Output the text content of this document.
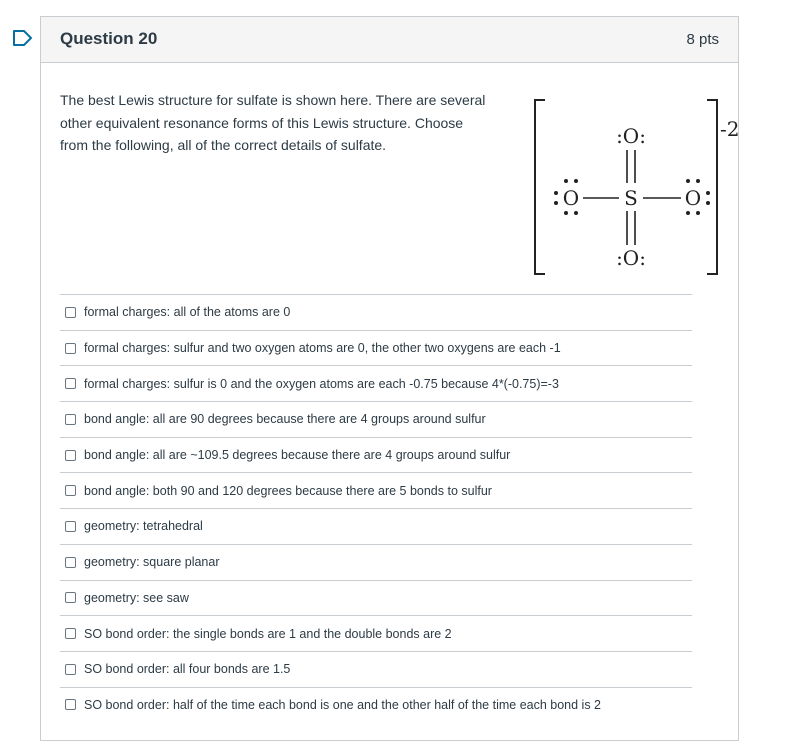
Question 20	8 pts
The best Lewis structure for sulfate is shown here. There are several other equivalent resonance forms of this Lewis structure. Choose from the following, all of the correct details of sulfate.
-2
:O:
S
O	O
:O:
formal charges: all of the atoms are 0
formal charges: sulfur and two oxygen atoms are 0, the other two oxygens are each -1
formal charges: sulfur is 0 and the oxygen atoms are each -0.75 because 4*(-0.75)=-3
bond angle: all are 90 degrees because there are 4 groups around sulfur
bond angle: all are ~109.5 degrees because there are 4 groups around sulfur
bond angle: both 90 and 120 degrees because there are 5 bonds to sulfur
geometry: tetrahedral
geometry: square planar
geometry: see saw
SO bond order: the single bonds are 1 and the double bonds are 2
SO bond order: all four bonds are 1.5
SO bond order: half of the time each bond is one and the other half of the time each bond is 2
